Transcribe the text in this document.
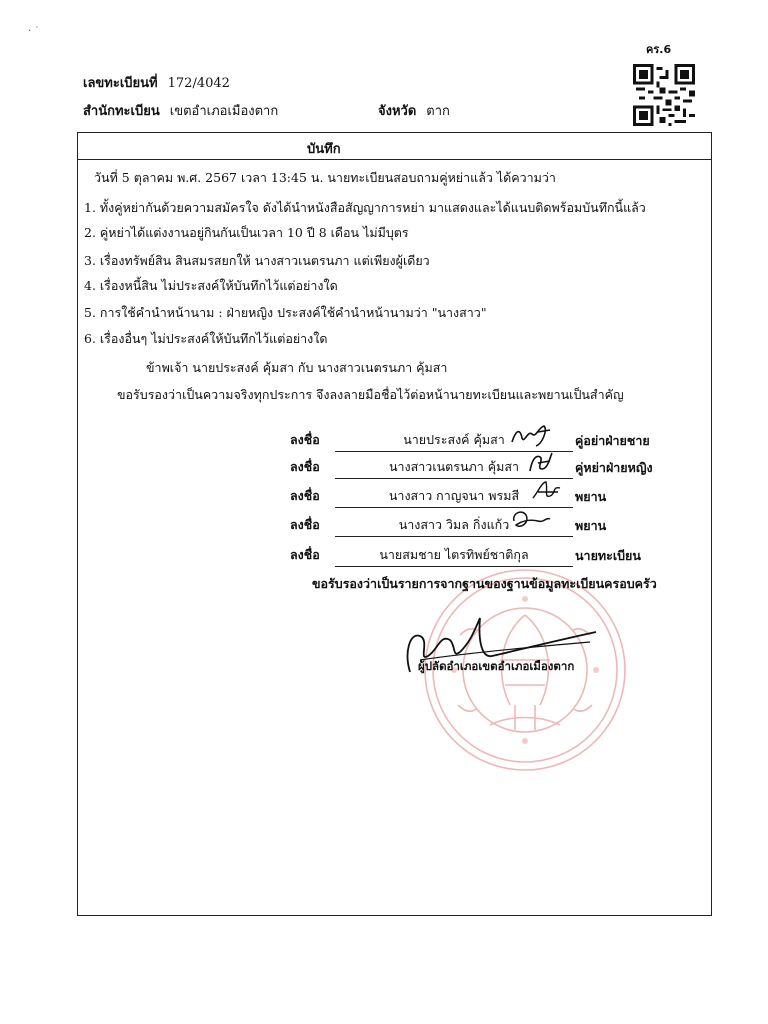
· ˙
คร.6
เลขทะเบียนที่ 172/4042
สำนักทะเบียน เขตอำเภอเมืองตาก	จังหวัด ตาก
บันทึก
วันที่ 5 ตุลาคม พ.ศ. 2567 เวลา 13:45 น. นายทะเบียนสอบถามคู่หย่าแล้ว ได้ความว่า
1. ทั้งคู่หย่ากันด้วยความสมัครใจ ดังได้นำหนังสือสัญญาการหย่า มาแสดงและได้แนบติดพร้อมบันทึกนี้แล้ว
2. คู่หย่าได้แต่งงานอยู่กินกันเป็นเวลา 10 ปี 8 เดือน ไม่มีบุตร
3. เรื่องทรัพย์สิน สินสมรสยกให้ นางสาวเนตรนภา แต่เพียงผู้เดียว
4. เรื่องหนี้สิน ไม่ประสงค์ให้บันทึกไว้แต่อย่างใด
5. การใช้คำนำหน้านาม : ฝ่ายหญิง ประสงค์ใช้คำนำหน้านามว่า "นางสาว"
6. เรื่องอื่นๆ ไม่ประสงค์ให้บันทึกไว้แต่อย่างใด
ข้าพเจ้า นายประสงค์ คุ้มสา กับ นางสาวเนตรนภา คุ้มสา
ขอรับรองว่าเป็นความจริงทุกประการ จึงลงลายมือชื่อไว้ต่อหน้านายทะเบียนและพยานเป็นสำคัญ
ลงชื่อ	นายประสงค์ คุ้มสา	คู่อย่าฝ่ายชาย
ลงชื่อ	นางสาวเนตรนภา คุ้มสา	คู่หย่าฝ่ายหญิง
ลงชื่อ	นางสาว กาญจนา พรมสี	พยาน
ลงชื่อ	นางสาว วิมล กิ่งแก้ว	พยาน
ลงชื่อ	นายสมชาย ไตรทิพย์ชาติกุล	นายทะเบียน
ขอรับรองว่าเป็นรายการจากฐานของฐานข้อมูลทะเบียนครอบครัว
ผู้ปลัดอำเภอเขตอำเภอเมืองตาก
